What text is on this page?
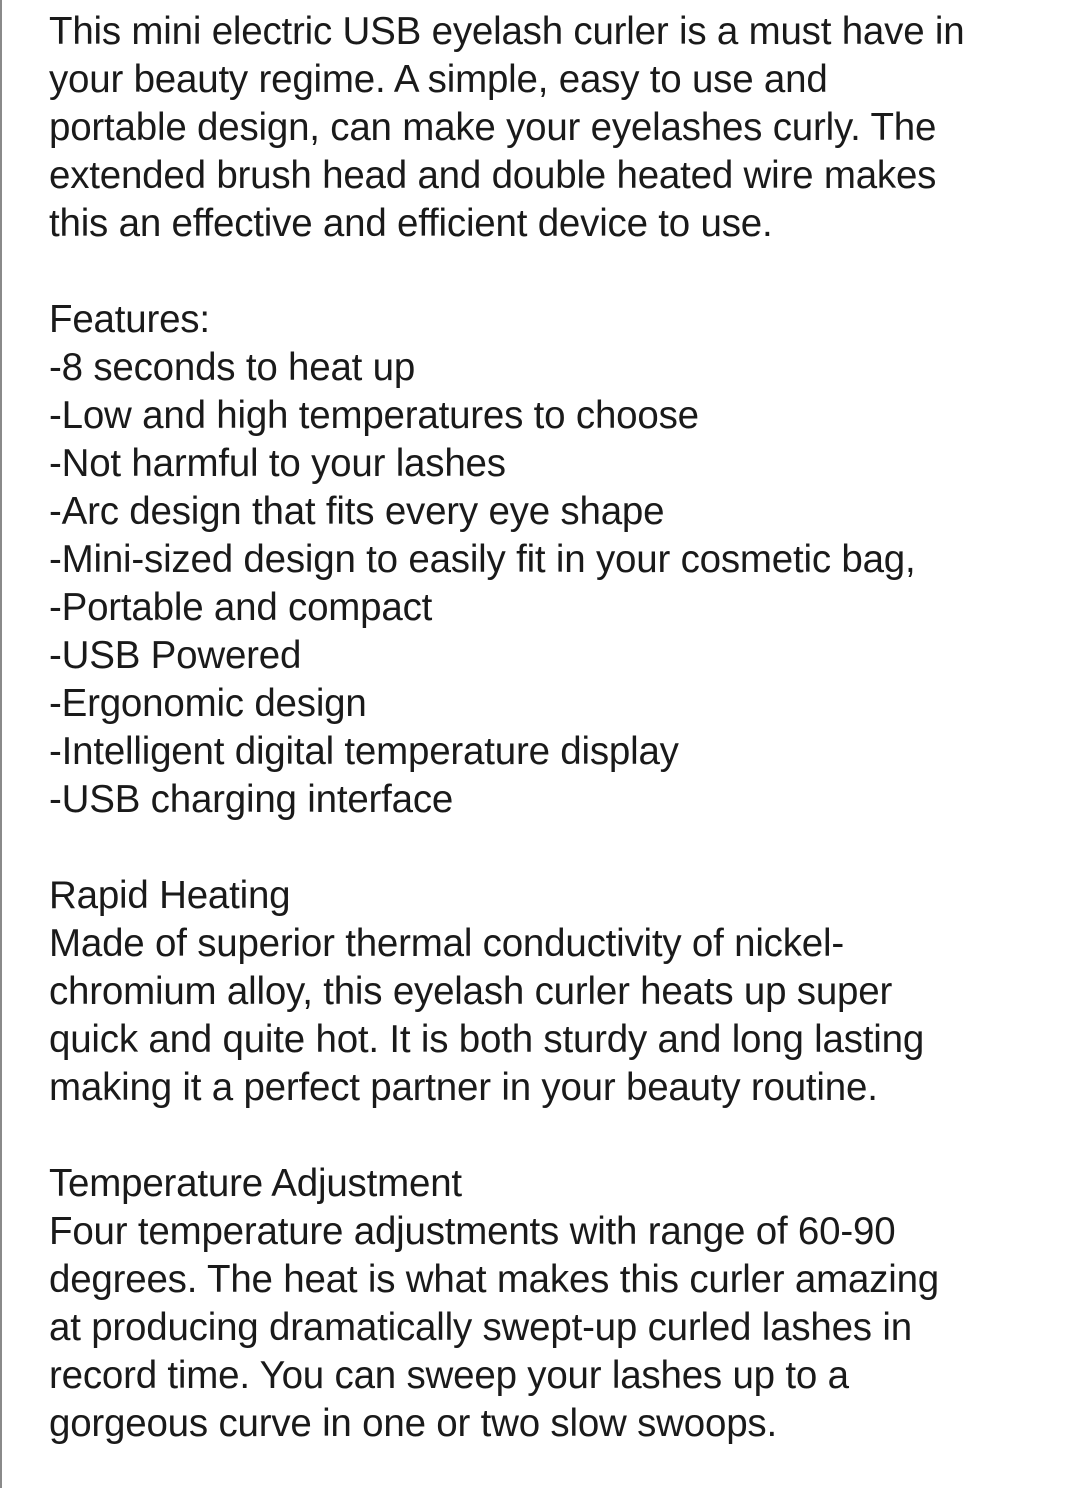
This mini electric USB eyelash curler is a must have in
your beauty regime. A simple, easy to use and
portable design, can make your eyelashes curly. The
extended brush head and double heated wire makes
this an effective and efficient device to use.
Features:
-8 seconds to heat up
-Low and high temperatures to choose
-Not harmful to your lashes
-Arc design that fits every eye shape
-Mini-sized design to easily fit in your cosmetic bag,
-Portable and compact
-USB Powered
-Ergonomic design
-Intelligent digital temperature display
-USB charging interface
Rapid Heating
Made of superior thermal conductivity of nickel-
chromium alloy, this eyelash curler heats up super
quick and quite hot. It is both sturdy and long lasting
making it a perfect partner in your beauty routine.
Temperature Adjustment
Four temperature adjustments with range of 60-90
degrees. The heat is what makes this curler amazing
at producing dramatically swept-up curled lashes in
record time. You can sweep your lashes up to a
gorgeous curve in one or two slow swoops.
